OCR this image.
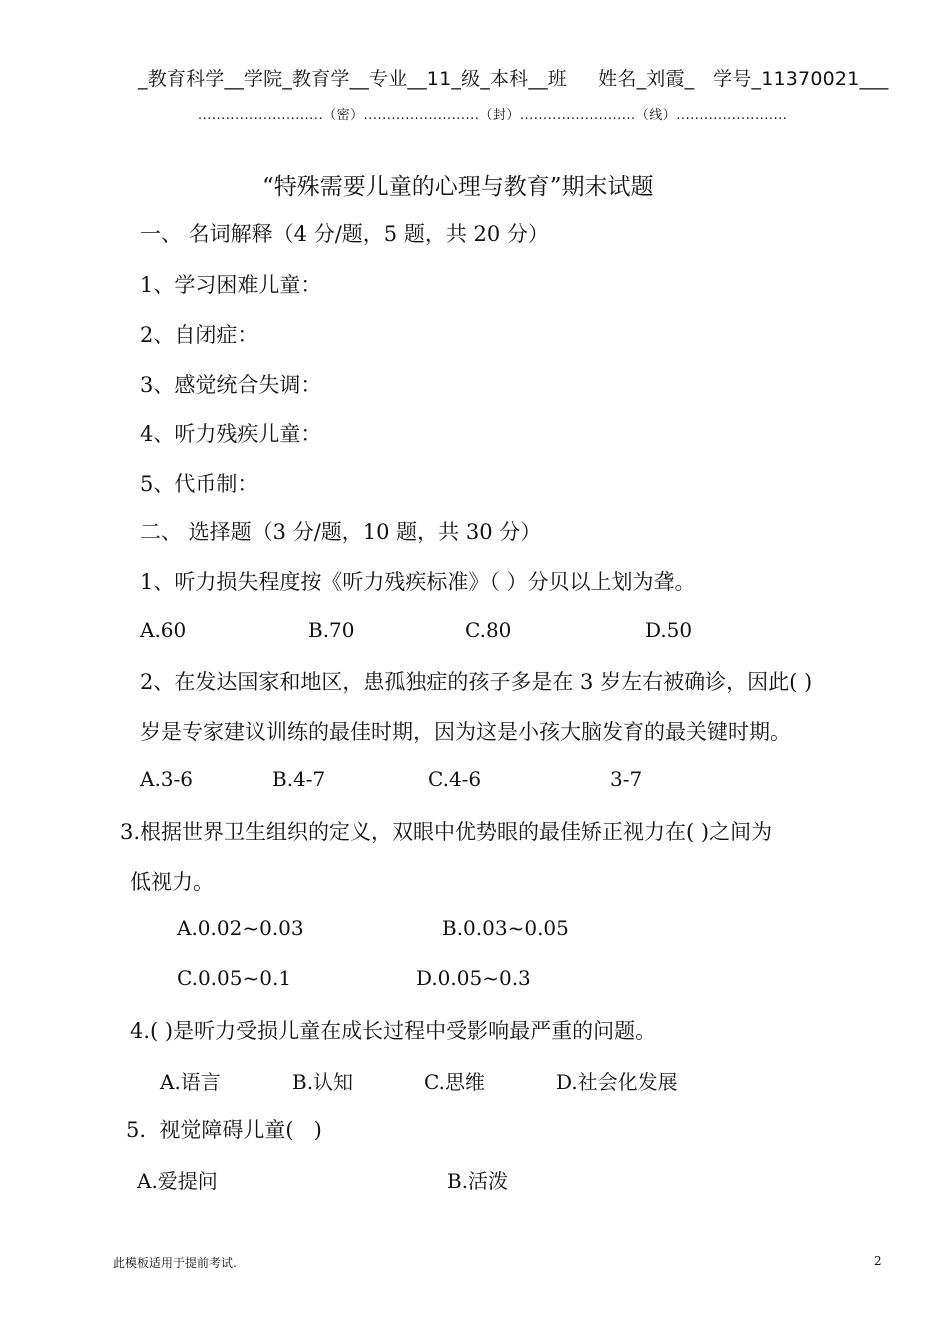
_教育科学__学院_教育学__专业__11_级_本科__班     姓名_刘霞_   学号_11370021___
...........................（密）.........................（封）.........................（线）........................
“特殊需要儿童的心理与教育”期末试题
一、 名词解释（4 分/题，5 题，共 20 分）
1、学习困难儿童：
2、自闭症：
3、感觉统合失调：
4、听力残疾儿童：
5、代币制：
二、 选择题（3 分/题，10 题，共 30 分）
1、听力损失程度按《听力残疾标准》（ ）分贝以上划为聋。
A.60	B.70	C.80	D.50
2、在发达国家和地区，患孤独症的孩子多是在 3 岁左右被确诊，因此( )
岁是专家建议训练的最佳时期，因为这是小孩大脑发育的最关键时期。
A.3-6	B.4-7	C.4-6	3-7
3.根据世界卫生组织的定义，双眼中优势眼的最佳矫正视力在( )之间为
低视力。
A.0.02~0.03	B.0.03~0.05
C.0.05~0.1	D.0.05~0.3
4.( )是听力受损儿童在成长过程中受影响最严重的问题。
A.语言	B.认知	C.思维	D.社会化发展
5.  视觉障碍儿童(   )
A.爱提问	B.活泼
此模板适用于提前考试.	2
